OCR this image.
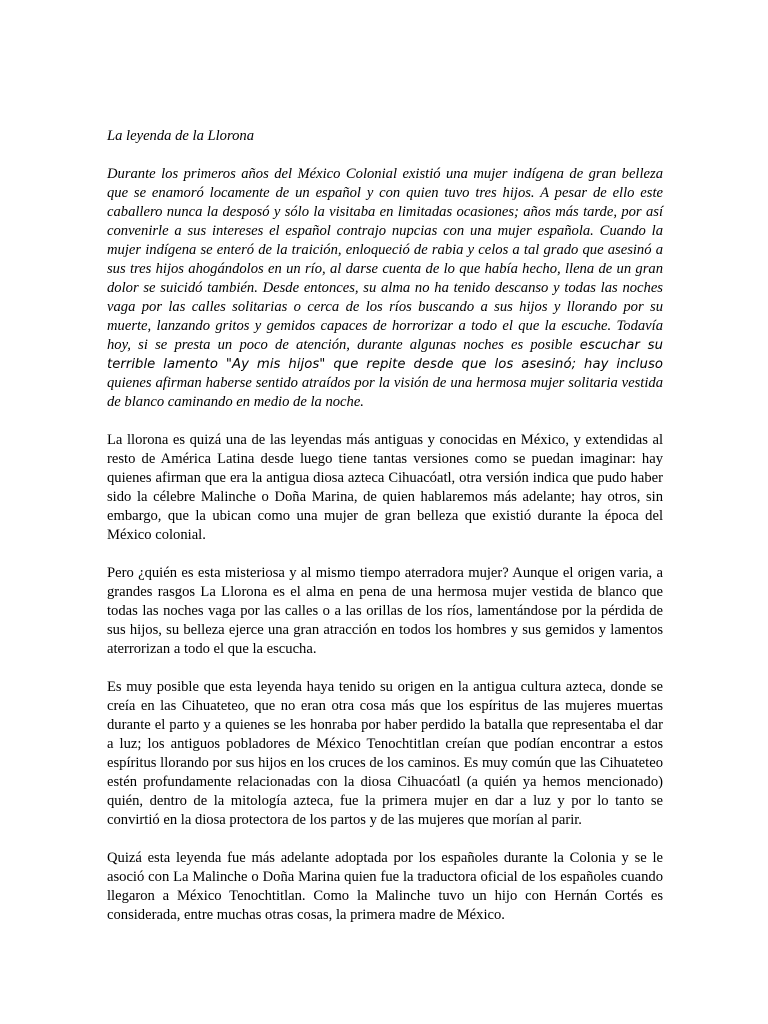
La leyenda de la Llorona

Durante los primeros años del México Colonial existió una mujer indígena de gran belleza que se enamoró locamente de un español y con quien tuvo tres hijos. A pesar de ello este caballero nunca la desposó y sólo la visitaba en limitadas ocasiones; años más tarde, por así convenirle a sus intereses el español contrajo nupcias con una mujer española. Cuando la mujer indígena se enteró de la traición, enloqueció de rabia y celos a tal grado que asesinó a sus tres hijos ahogándolos en un río, al darse cuenta de lo que había hecho, llena de un gran dolor se suicidó también. Desde entonces, su alma no ha tenido descanso y todas las noches vaga por las calles solitarias o cerca de los ríos buscando a sus hijos y llorando por su muerte, lanzando gritos y gemidos capaces de horrorizar a todo el que la escuche. Todavía hoy, si se presta un poco de atención, durante algunas noches es posible escuchar su terrible lamento "Ay mis hijos" que repite desde que los asesinó; hay incluso quienes afirman haberse sentido atraídos por la visión de una hermosa mujer solitaria vestida de blanco caminando en medio de la noche.

La llorona es quizá una de las leyendas más antiguas y conocidas en México, y extendidas al resto de América Latina desde luego tiene tantas versiones como se puedan imaginar: hay quienes afirman que era la antigua diosa azteca Cihuacóatl, otra versión indica que pudo haber sido la célebre Malinche o Doña Marina, de quien hablaremos más adelante; hay otros, sin embargo, que la ubican como una mujer de gran belleza que existió durante la época del México colonial.

Pero ¿quién es esta misteriosa y al mismo tiempo aterradora mujer? Aunque el origen varia, a grandes rasgos La Llorona es el alma en pena de una hermosa mujer vestida de blanco que todas las noches vaga por las calles o a las orillas de los ríos, lamentándose por la pérdida de sus hijos, su belleza ejerce una gran atracción en todos los hombres y sus gemidos y lamentos aterrorizan a todo el que la escucha.

Es muy posible que esta leyenda haya tenido su origen en la antigua cultura azteca, donde se creía en las Cihuateteo, que no eran otra cosa más que los espíritus de las mujeres muertas durante el parto y a quienes se les honraba por haber perdido la batalla que representaba el dar a luz; los antiguos pobladores de México Tenochtitlan creían que podían encontrar a estos espíritus llorando por sus hijos en los cruces de los caminos. Es muy común que las Cihuateteo estén profundamente relacionadas con la diosa Cihuacóatl (a quién ya hemos mencionado) quién, dentro de la mitología azteca, fue la primera mujer en dar a luz y por lo tanto se convirtió en la diosa protectora de los partos y de las mujeres que morían al parir.

Quizá esta leyenda fue más adelante adoptada por los españoles durante la Colonia y se le asoció con La Malinche o Doña Marina quien fue la traductora oficial de los españoles cuando llegaron a México Tenochtitlan. Como la Malinche tuvo un hijo con Hernán Cortés es considerada, entre muchas otras cosas, la primera madre de México.
